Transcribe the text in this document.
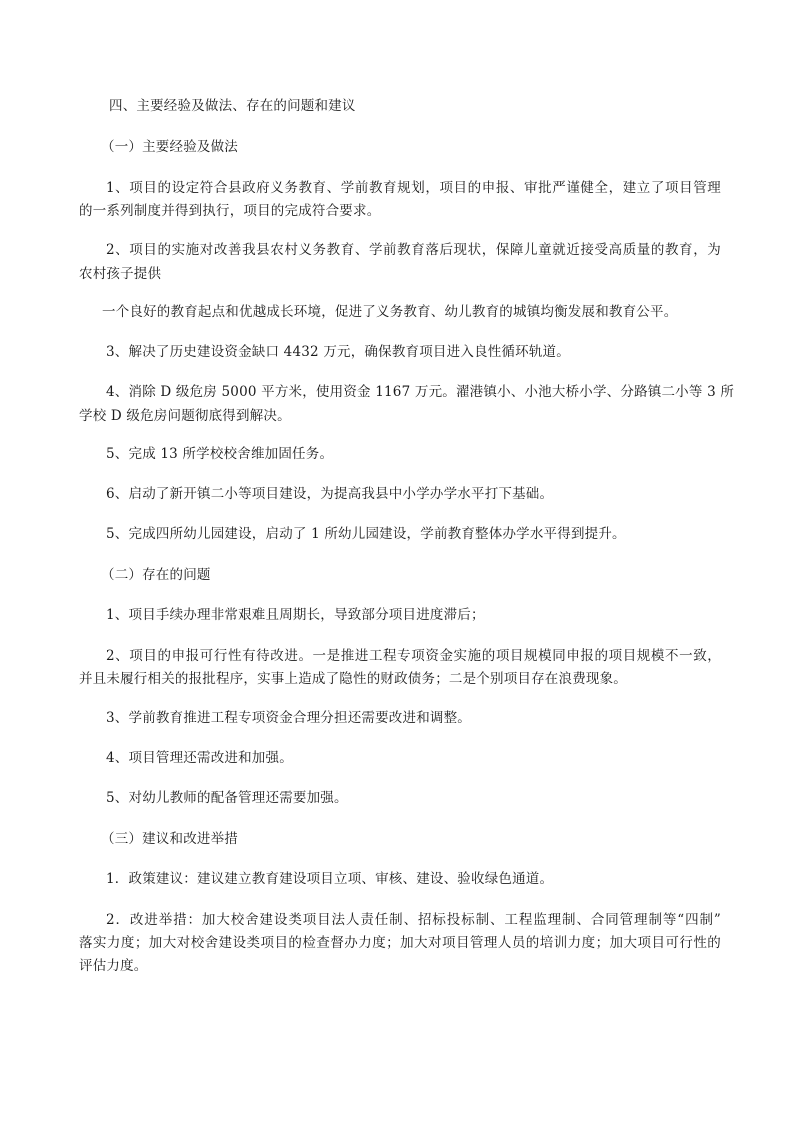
四、主要经验及做法、存在的问题和建议
（一）主要经验及做法
1、项目的设定符合县政府义务教育、学前教育规划，项目的申报、审批严谨健全，建立了项目管理
的一系列制度并得到执行，项目的完成符合要求。
2、项目的实施对改善我县农村义务教育、学前教育落后现状，保障儿童就近接受高质量的教育，为
农村孩子提供
一个良好的教育起点和优越成长环境，促进了义务教育、幼儿教育的城镇均衡发展和教育公平。
3、解决了历史建设资金缺口 4432 万元，确保教育项目进入良性循环轨道。
4、消除 D 级危房 5000 平方米，使用资金 1167 万元。濯港镇小、小池大桥小学、分路镇二小等 3 所
学校 D 级危房问题彻底得到解决。
5、完成 13 所学校校舍维加固任务。
6、启动了新开镇二小等项目建设，为提高我县中小学办学水平打下基础。
5、完成四所幼儿园建设，启动了 1 所幼儿园建设，学前教育整体办学水平得到提升。
（二）存在的问题
1、项目手续办理非常艰难且周期长，导致部分项目进度滞后；
2、项目的申报可行性有待改进。一是推进工程专项资金实施的项目规模同申报的项目规模不一致，
并且未履行相关的报批程序，实事上造成了隐性的财政债务；二是个别项目存在浪费现象。
3、学前教育推进工程专项资金合理分担还需要改进和调整。
4、项目管理还需改进和加强。
5、对幼儿教师的配备管理还需要加强。
（三）建议和改进举措
1．政策建议：建议建立教育建设项目立项、审核、建设、验收绿色通道。
2．改进举措：加大校舍建设类项目法人责任制、招标投标制、工程监理制、合同管理制等“四制”
落实力度；加大对校舍建设类项目的检查督办力度；加大对项目管理人员的培训力度；加大项目可行性的
评估力度。
